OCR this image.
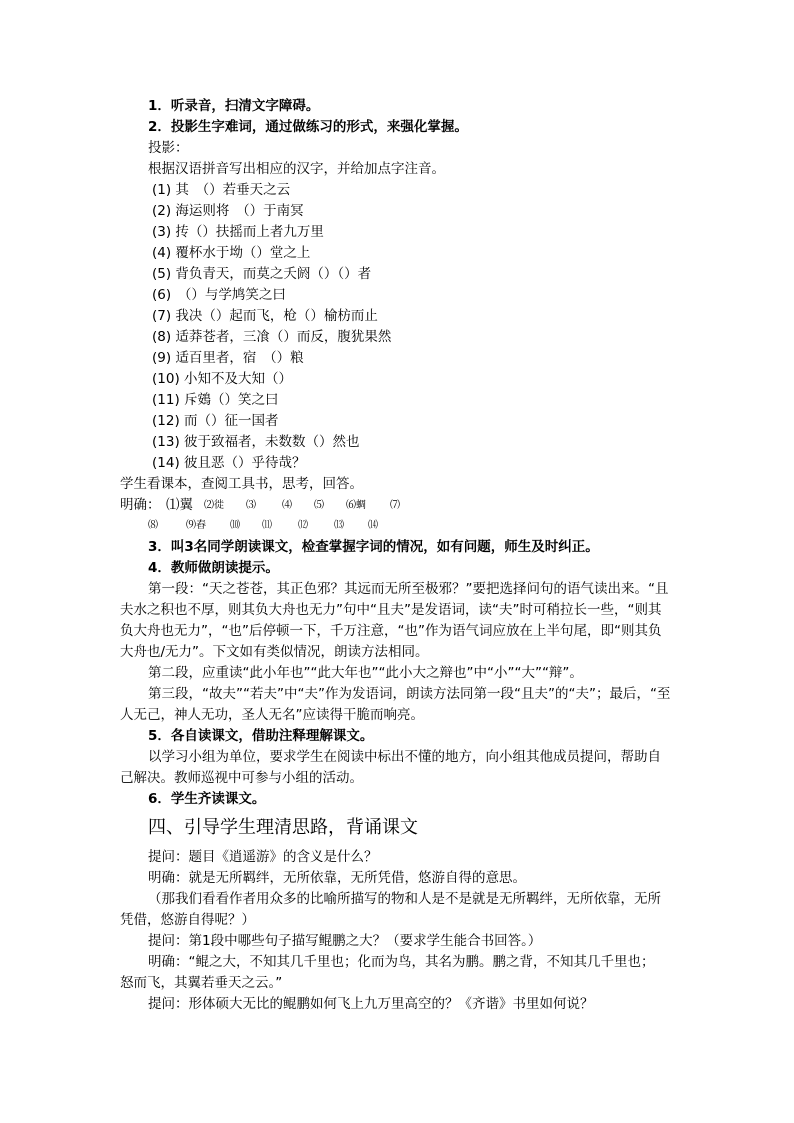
1．听录音，扫清文字障碍。
2．投影生字难词，通过做练习的形式，来强化掌握。
投影：
根据汉语拼音写出相应的汉字，并给加点字注音。
(1) 其　（）若垂天之云
(2) 海运则将　（）于南冥
(3) 抟（）扶摇而上者九万里
(4) 覆杯水于坳（）堂之上
(5) 背负青天，而莫之夭阏（）（）者
(6)　（）与学鸠笑之曰
(7) 我决（）起而飞，枪（）榆枋而止
(8) 适莽苍者，三飡（）而反，腹犹果然
(9) 适百里者，宿　（）粮
(10) 小知不及大知（）
(11) 斥鴳（）笑之曰
(12) 而（）征一国者
(13) 彼于致福者，未数数（）然也
(14) 彼且恶（）乎待哉？
学生看课本，查阅工具书，思考，回答。
明确： ⑴翼 ⑵徙 ⑶	⑷ ⑸ ⑹蜩 ⑺
⑻	⑼舂 ⑽ ⑾	⑿	⒀ ⒁
3．叫3名同学朗读课文，检查掌握字词的情况，如有问题，师生及时纠正。
4．教师做朗读提示。
第一段：“天之苍苍，其正色邪？其远而无所至极邪？”要把选择问句的语气读出来。“且
夫水之积也不厚，则其负大舟也无力”句中“且夫”是发语词，读“夫”时可稍拉长一些，“则其
负大舟也无力”，“也”后停顿一下，千万注意，“也”作为语气词应放在上半句尾，即“则其负
大舟也/无力”。下文如有类似情况，朗读方法相同。
第二段，应重读“此小年也”“此大年也”“此小大之辩也”中“小”“大”“辩”。
第三段，“故夫”“若夫”中“夫”作为发语词，朗读方法同第一段“且夫”的“夫”；最后，“至
人无己，神人无功，圣人无名”应读得干脆而响亮。
5．各自读课文，借助注释理解课文。
以学习小组为单位，要求学生在阅读中标出不懂的地方，向小组其他成员提问，帮助自
己解决。教师巡视中可参与小组的活动。
6．学生齐读课文。
四、引导学生理清思路，背诵课文
提问：题目《逍遥游》的含义是什么？
明确：就是无所羁绊，无所依靠，无所凭借，悠游自得的意思。
（那我们看看作者用众多的比喻所描写的物和人是不是就是无所羁绊，无所依靠，无所
凭借，悠游自得呢？）
提问：第1段中哪些句子描写鲲鹏之大？（要求学生能合书回答。）
明确：“鲲之大，不知其几千里也；化而为鸟，其名为鹏。鹏之背，不知其几千里也；
怒而飞，其翼若垂天之云。”
提问：形体硕大无比的鲲鹏如何飞上九万里高空的？《齐谐》书里如何说？
